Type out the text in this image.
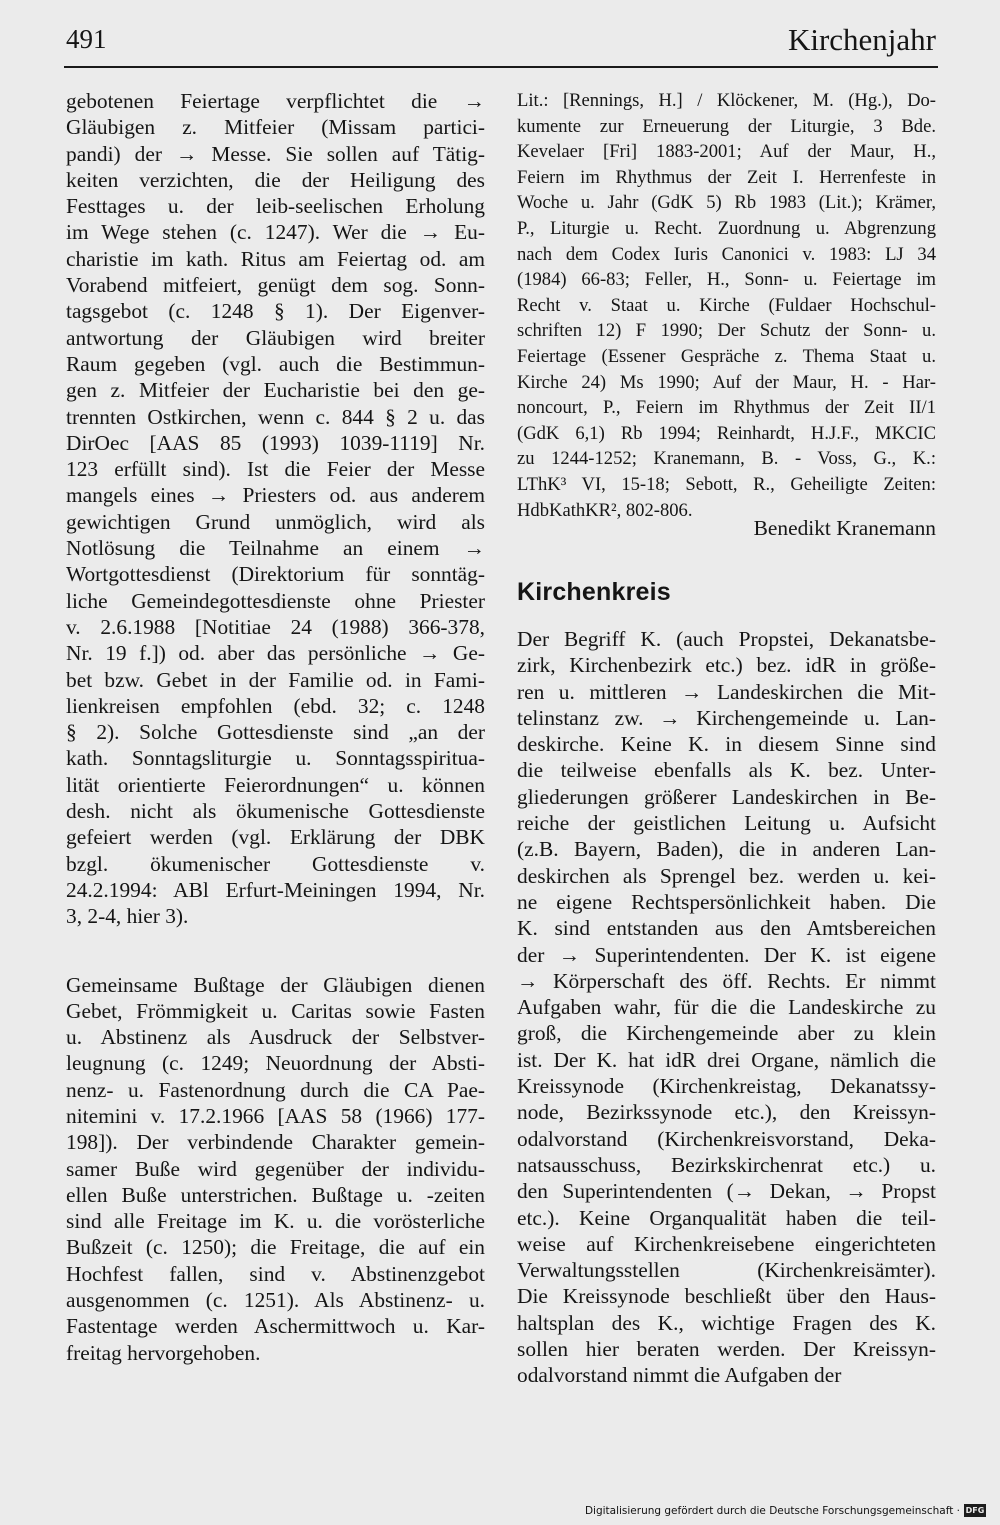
491	Kirchenjahr
gebotenen Feiertage verpflichtet die →
Gläubigen z. Mitfeier (Missam partici-
pandi) der → Messe. Sie sollen auf Tätig-
keiten verzichten, die der Heiligung des
Festtages u. der leib-seelischen Erholung
im Wege stehen (c. 1247). Wer die → Eu-
charistie im kath. Ritus am Feiertag od. am
Vorabend mitfeiert, genügt dem sog. Sonn-
tagsgebot (c. 1248 § 1). Der Eigenver-
antwortung der Gläubigen wird breiter
Raum gegeben (vgl. auch die Bestimmun-
gen z. Mitfeier der Eucharistie bei den ge-
trennten Ostkirchen, wenn c. 844 § 2 u. das
DirOec [AAS 85 (1993) 1039-1119] Nr.
123 erfüllt sind). Ist die Feier der Messe
mangels eines → Priesters od. aus anderem
gewichtigen Grund unmöglich, wird als
Notlösung die Teilnahme an einem →
Wortgottesdienst (Direktorium für sonntäg-
liche Gemeindegottesdienste ohne Priester
v. 2.6.1988 [Notitiae 24 (1988) 366-378,
Nr. 19 f.]) od. aber das persönliche → Ge-
bet bzw. Gebet in der Familie od. in Fami-
lienkreisen empfohlen (ebd. 32; c. 1248
§ 2). Solche Gottesdienste sind „an der
kath. Sonntagsliturgie u. Sonntagsspiritua-
lität orientierte Feierordnungen“ u. können
desh. nicht als ökumenische Gottesdienste
gefeiert werden (vgl. Erklärung der DBK
bzgl. ökumenischer Gottesdienste v.
24.2.1994: ABl Erfurt-Meiningen 1994, Nr.
3, 2-4, hier 3).
Gemeinsame Bußtage der Gläubigen dienen
Gebet, Frömmigkeit u. Caritas sowie Fasten
u. Abstinenz als Ausdruck der Selbstver-
leugnung (c. 1249; Neuordnung der Absti-
nenz- u. Fastenordnung durch die CA Pae-
nitemini v. 17.2.1966 [AAS 58 (1966) 177-
198]). Der verbindende Charakter gemein-
samer Buße wird gegenüber der individu-
ellen Buße unterstrichen. Bußtage u. -zeiten
sind alle Freitage im K. u. die vorösterliche
Bußzeit (c. 1250); die Freitage, die auf ein
Hochfest fallen, sind v. Abstinenzgebot
ausgenommen (c. 1251). Als Abstinenz- u.
Fastentage werden Aschermittwoch u. Kar-
freitag hervorgehoben.
Lit.: [Rennings, H.] / Klöckener, M. (Hg.), Do-
kumente zur Erneuerung der Liturgie, 3 Bde.
Kevelaer [Fri] 1883-2001; Auf der Maur, H.,
Feiern im Rhythmus der Zeit I. Herrenfeste in
Woche u. Jahr (GdK 5) Rb 1983 (Lit.); Krämer,
P., Liturgie u. Recht. Zuordnung u. Abgrenzung
nach dem Codex Iuris Canonici v. 1983: LJ 34
(1984) 66-83; Feller, H., Sonn- u. Feiertage im
Recht v. Staat u. Kirche (Fuldaer Hochschul-
schriften 12) F 1990; Der Schutz der Sonn- u.
Feiertage (Essener Gespräche z. Thema Staat u.
Kirche 24) Ms 1990; Auf der Maur, H. - Har-
noncourt, P., Feiern im Rhythmus der Zeit II/1
(GdK 6,1) Rb 1994; Reinhardt, H.J.F., MKCIC
zu 1244-1252; Kranemann, B. - Voss, G., K.:
LThK³ VI, 15-18; Sebott, R., Geheiligte Zeiten:
HdbKathKR², 802-806.
Benedikt Kranemann
Kirchenkreis
Der Begriff K. (auch Propstei, Dekanatsbe-
zirk, Kirchenbezirk etc.) bez. idR in größe-
ren u. mittleren → Landeskirchen die Mit-
telinstanz zw. → Kirchengemeinde u. Lan-
deskirche. Keine K. in diesem Sinne sind
die teilweise ebenfalls als K. bez. Unter-
gliederungen größerer Landeskirchen in Be-
reiche der geistlichen Leitung u. Aufsicht
(z.B. Bayern, Baden), die in anderen Lan-
deskirchen als Sprengel bez. werden u. kei-
ne eigene Rechtspersönlichkeit haben. Die
K. sind entstanden aus den Amtsbereichen
der → Superintendenten. Der K. ist eigene
→ Körperschaft des öff. Rechts. Er nimmt
Aufgaben wahr, für die die Landeskirche zu
groß, die Kirchengemeinde aber zu klein
ist. Der K. hat idR drei Organe, nämlich die
Kreissynode (Kirchenkreistag, Dekanatssy-
node, Bezirkssynode etc.), den Kreissyn-
odalvorstand (Kirchenkreisvorstand, Deka-
natsausschuss, Bezirkskirchenrat etc.) u.
den Superintendenten (→ Dekan, → Propst
etc.). Keine Organqualität haben die teil-
weise auf Kirchenkreisebene eingerichteten
Verwaltungsstellen (Kirchenkreisämter).
Die Kreissynode beschließt über den Haus-
haltsplan des K., wichtige Fragen des K.
sollen hier beraten werden. Der Kreissyn-
odalvorstand nimmt die Aufgaben der
Digitalisierung gefördert durch die Deutsche Forschungsgemeinschaft · DFG
